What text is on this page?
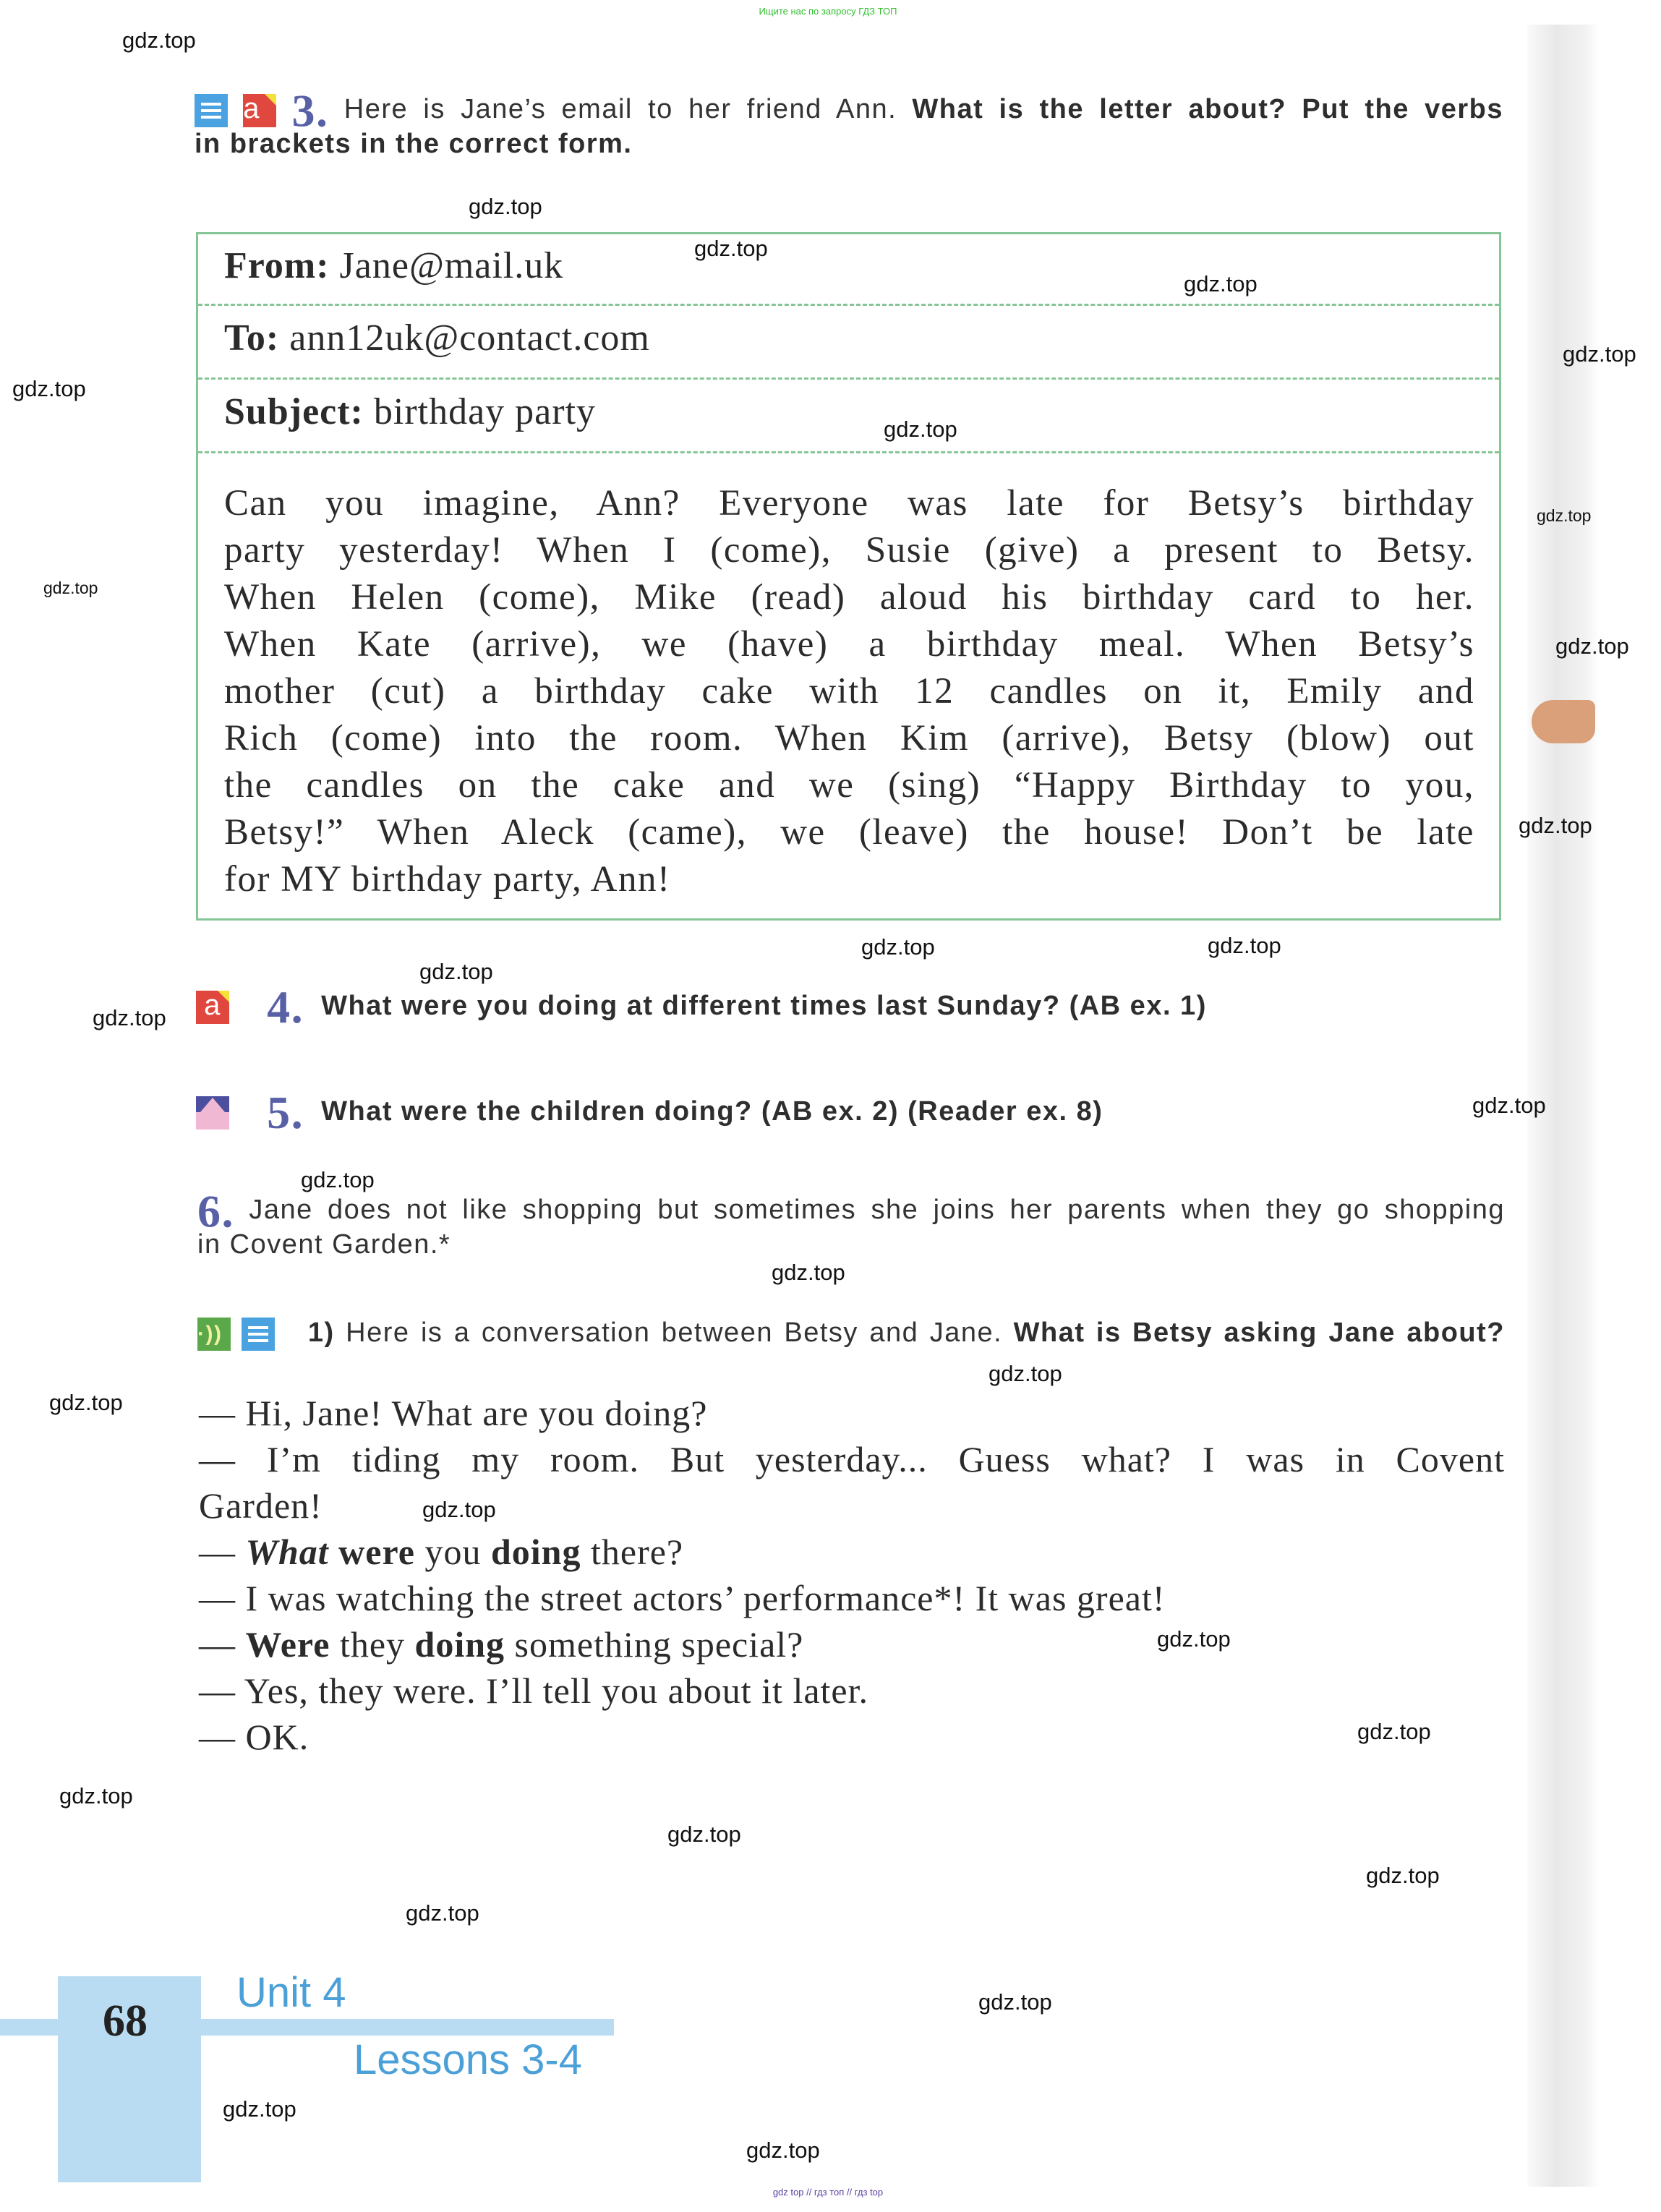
Ищите нас по запросу ГДЗ ТОП
a 3. Here is Jane’s email to her friend Ann. What is the letter about? Put the verbs
in brackets in the correct form.
From: Jane@mail.uk
To: ann12uk@contact.com
Subject: birthday party
Can you imagine, Ann? Everyone was late for Betsy’s birthday
party yesterday! When I (come), Susie (give) a present to Betsy.
When Helen (come), Mike (read) aloud his birthday card to her.
When Kate (arrive), we (have) a birthday meal. When Betsy’s
mother (cut) a birthday cake with 12 candles on it, Emily and
Rich (come) into the room. When Kim (arrive), Betsy (blow) out
the candles on the cake and we (sing) “Happy Birthday to you,
Betsy!” When Aleck (came), we (leave) the house! Don’t be late
for MY birthday party, Ann!
a 4. What were you doing at different times last Sunday? (AB ex. 1)
5. What were the children doing? (AB ex. 2) (Reader ex. 8)
6. Jane does not like shopping but sometimes she joins her parents when they go shopping
in Covent Garden.*
·))	1) Here is a conversation between Betsy and Jane. What is Betsy asking Jane about?
— Hi, Jane! What are you doing?
— I’m tiding my room. But yesterday... Guess what? I was in Covent
Garden!
— What were you doing there?
— I was watching the street actors’ performance*! It was great!
— Were they doing something special?
— Yes, they were. I’ll tell you about it later.
— OK.
68
Unit 4
Lessons 3-4
gdz top // гдз топ // гдз top
gdz.top
gdz.top
gdz.top
gdz.top
gdz.top
gdz.top
gdz.top
gdz.top
gdz.top
gdz.top
gdz.top
gdz.top	gdz.top
gdz.top
gdz.top
gdz.top
gdz.top
gdz.top
gdz.top
gdz.top
gdz.top
gdz.top
gdz.top
gdz.top
gdz.top
gdz.top
gdz.top
gdz.top
gdz.top
gdz.top
